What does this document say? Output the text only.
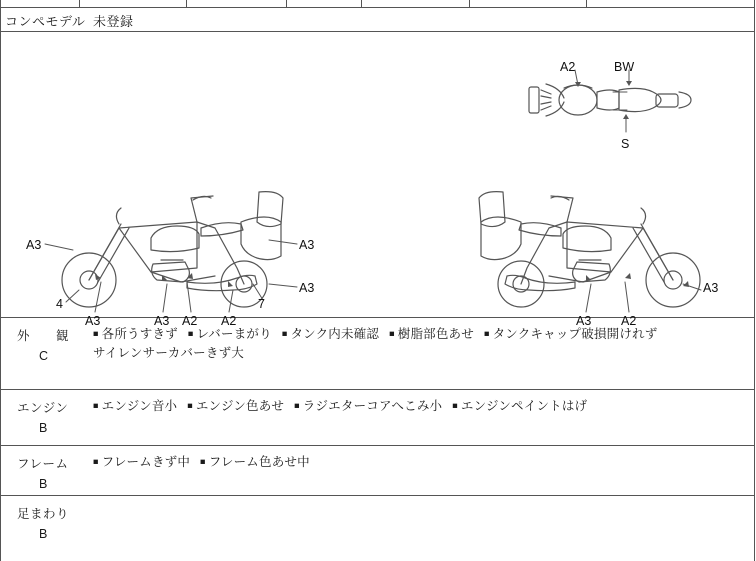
コンペモデル 未登録
A2	BW
S
A3	A3
A3
4
A3	A3 A2 A2
7
A3
A3 A2
外　　観
C
■ 各所うすきず ■ レバーまがり ■ タンク内未確認 ■ 樹脂部色あせ ■ タンクキャップ破損開けれず
サイレンサーカバーきず大
エンジン
B
■ エンジン音小 ■ エンジン色あせ ■ ラジエターコアへこみ小 ■ エンジンペイントはげ
フレーム
B
■ フレームきず中 ■ フレーム色あせ中
足まわり
B
